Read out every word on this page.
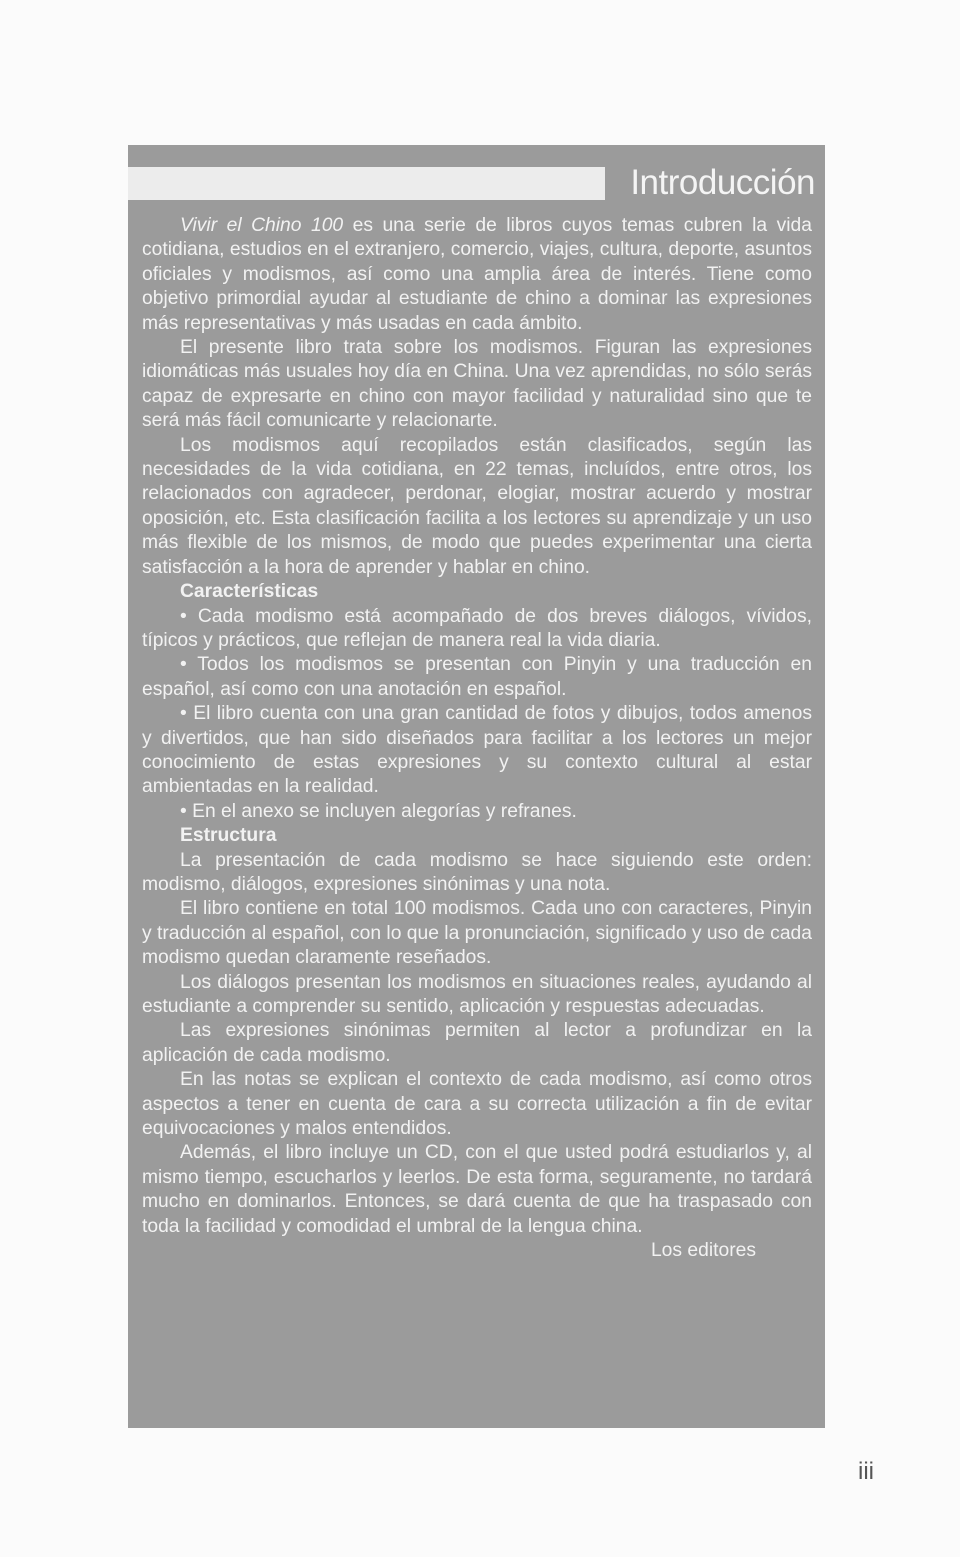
Introducción

Vivir el Chino 100 es una serie de libros cuyos temas cubren la vida cotidiana, estudios en el extranjero, comercio, viajes, cultura, deporte, asuntos oficiales y modismos, así como una amplia área de interés. Tiene como objetivo primordial ayudar al estudiante de chino a dominar las expresiones más representativas y más usadas en cada ámbito.

El presente libro trata sobre los modismos. Figuran las expresiones idiomáticas más usuales hoy día en China. Una vez aprendidas, no sólo serás capaz de expresarte en chino con mayor facilidad y naturalidad sino que te será más fácil comunicarte y relacionarte.

Los modismos aquí recopilados están clasificados, según las necesidades de la vida cotidiana, en 22 temas, incluídos, entre otros, los relacionados con agradecer, perdonar, elogiar, mostrar acuerdo y mostrar oposición, etc. Esta clasificación facilita a los lectores su aprendizaje y un uso más flexible de los mismos, de modo que puedes experimentar una cierta satisfacción a la hora de aprender y hablar en chino.

Características

• Cada modismo está acompañado de dos breves diálogos, vívidos, típicos y prácticos, que reflejan de manera real la vida diaria.

• Todos los modismos se presentan con Pinyin y una traducción en español, así como con una anotación en español.

• El libro cuenta con una gran cantidad de fotos y dibujos, todos amenos y divertidos, que han sido diseñados para facilitar a los lectores un mejor conocimiento de estas expresiones y su contexto cultural al estar ambientadas en la realidad.

• En el anexo se incluyen alegorías y refranes.

Estructura

La presentación de cada modismo se hace siguiendo este orden: modismo, diálogos, expresiones sinónimas y una nota.

El libro contiene en total 100 modismos. Cada uno con caracteres, Pinyin y traducción al español, con lo que la pronunciación, significado y uso de cada modismo quedan claramente reseñados.

Los diálogos presentan los modismos en situaciones reales, ayudando al estudiante a comprender su sentido, aplicación y respuestas adecuadas.

Las expresiones sinónimas permiten al lector a profundizar en la aplicación de cada modismo.

En las notas se explican el contexto de cada modismo, así como otros aspectos a tener en cuenta de cara a su correcta utilización a fin de evitar equivocaciones y malos entendidos.

Además, el libro incluye un CD, con el que usted podrá estudiarlos y, al mismo tiempo, escucharlos y leerlos. De esta forma, seguramente, no tardará mucho en dominarlos. Entonces, se dará cuenta de que ha traspasado con toda la facilidad y comodidad el umbral de la lengua china.

Los editores

iii
